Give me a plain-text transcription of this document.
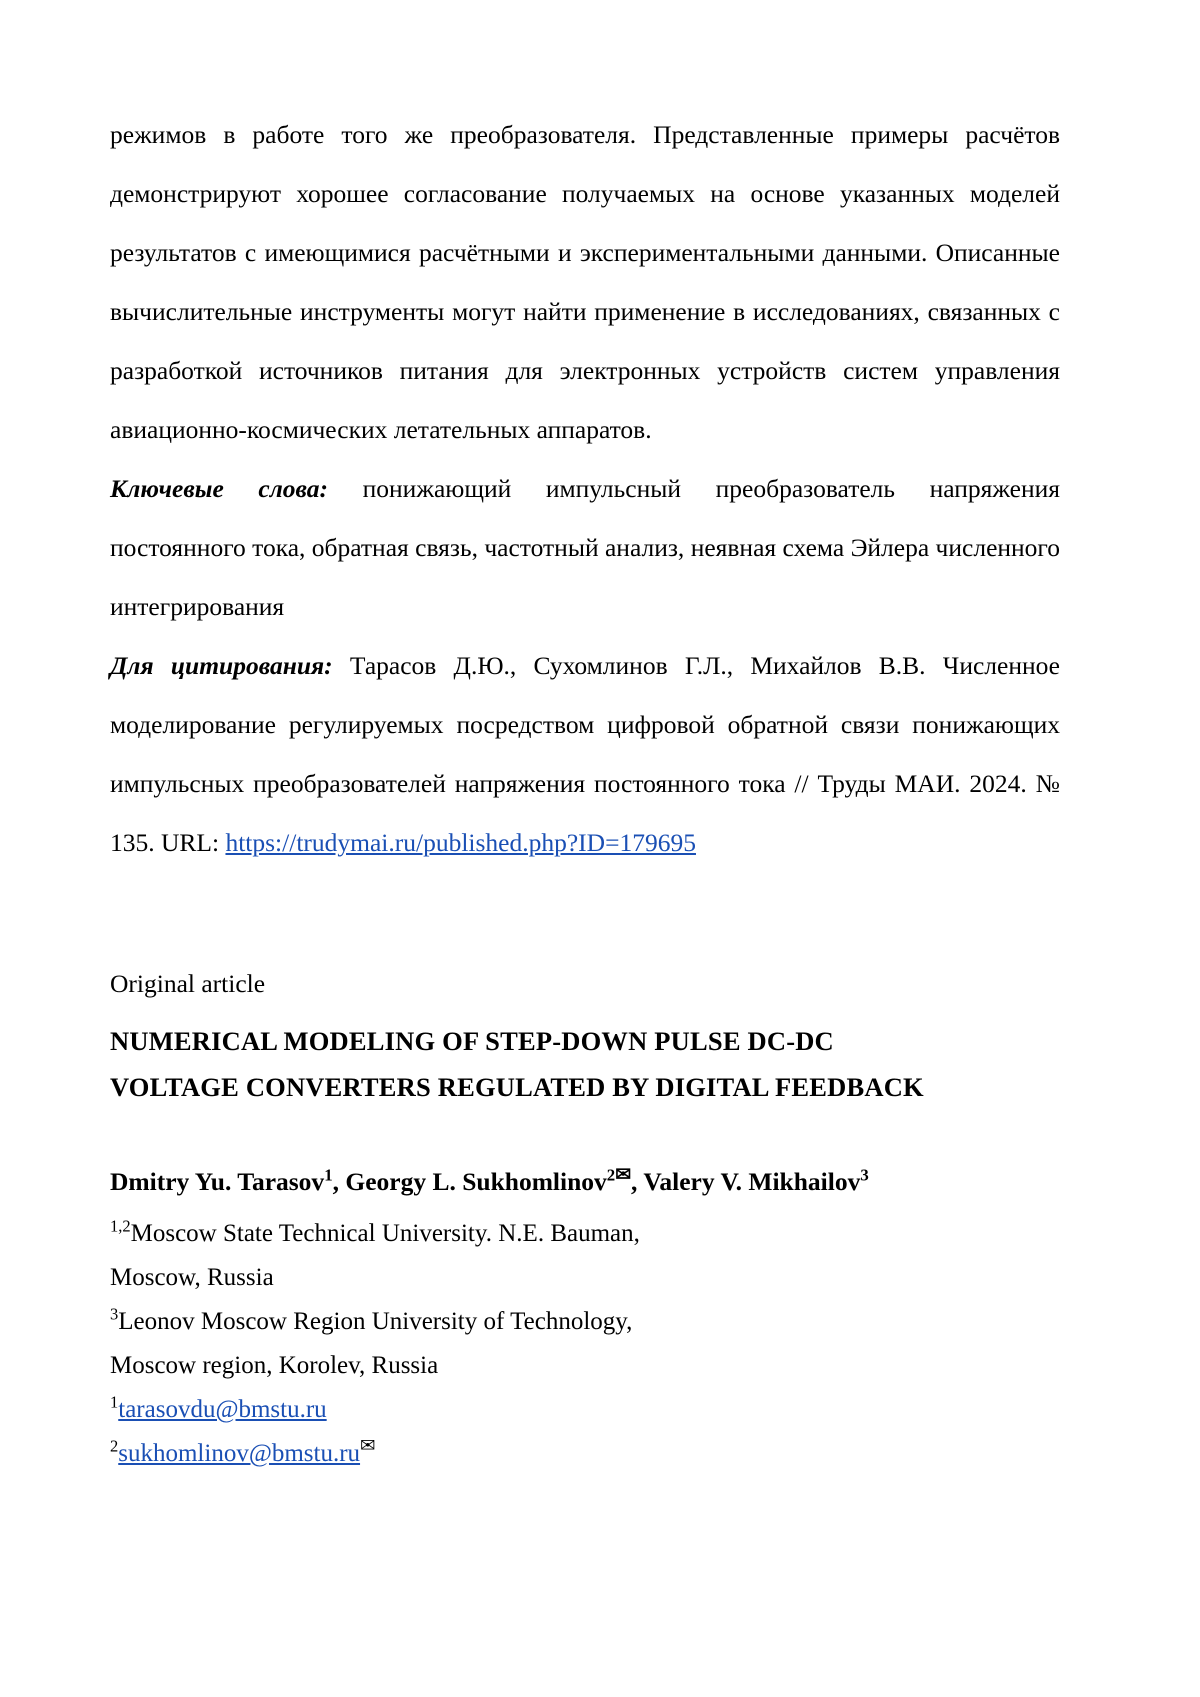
режимов в работе того же преобразователя. Представленные примеры расчётов демонстрируют хорошее согласование получаемых на основе указанных моделей результатов с имеющимися расчётными и экспериментальными данными. Описанные вычислительные инструменты могут найти применение в исследованиях, связанных с разработкой источников питания для электронных устройств систем управления авиационно-космических летательных аппаратов.

Ключевые слова: понижающий импульсный преобразователь напряжения постоянного тока, обратная связь, частотный анализ, неявная схема Эйлера численного интегрирования

Для цитирования: Тарасов Д.Ю., Сухомлинов Г.Л., Михайлов В.В. Численное моделирование регулируемых посредством цифровой обратной связи понижающих импульсных преобразователей напряжения постоянного тока // Труды МАИ. 2024. № 135. URL: https://trudymai.ru/published.php?ID=179695

Original article

NUMERICAL MODELING OF STEP-DOWN PULSE DC-DC
VOLTAGE CONVERTERS REGULATED BY DIGITAL FEEDBACK

Dmitry Yu. Tarasov$^1$, Georgy L. Sukhomlinov$^{2✉}$, Valery V. Mikhailov$^3$

$^{1,2}$Moscow State Technical University. N.E. Bauman,

Moscow, Russia

$^3$Leonov Moscow Region University of Technology,

Moscow region, Korolev, Russia

$^1$tarasovdu@bmstu.ru

$^2$sukhomlinov@bmstu.ru✉
